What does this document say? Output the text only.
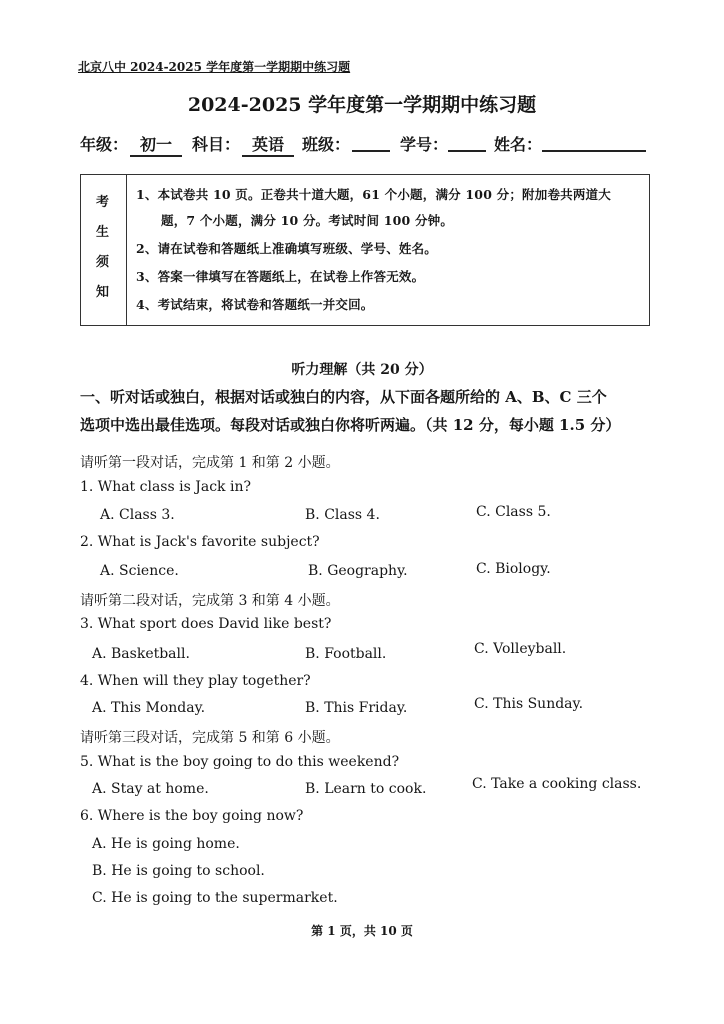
北京八中 2024-2025 学年度第一学期期中练习题
2024-2025 学年度第一学期期中练习题
年级： 初一	科目： 英语	班级：	学号：	姓名：
考
生
须
知
1、本试卷共 10 页。正卷共十道大题，61 个小题，满分 100 分；附加卷共两道大
题，7 个小题，满分 10 分。考试时间 100 分钟。
2、请在试卷和答题纸上准确填写班级、学号、姓名。
3、答案一律填写在答题纸上，在试卷上作答无效。
4、考试结束，将试卷和答题纸一并交回。
听力理解（共 20 分）
一、听对话或独白，根据对话或独白的内容，从下面各题所给的 A、B、C 三个
选项中选出最佳选项。每段对话或独白你将听两遍。（共 12 分，每小题 1.5 分）
请听第一段对话，完成第 1 和第 2 小题。
1. What class is Jack in?
A. Class 3.	B. Class 4.	C. Class 5.
2. What is Jack's favorite subject?
A. Science.	B. Geography.	C. Biology.
请听第二段对话，完成第 3 和第 4 小题。
3. What sport does David like best?
A. Basketball.	B. Football.	C. Volleyball.
4. When will they play together?
A. This Monday.	B. This Friday.	C. This Sunday.
请听第三段对话，完成第 5 和第 6 小题。
5. What is the boy going to do this weekend?
A. Stay at home.	B. Learn to cook.	C. Take a cooking class.
6. Where is the boy going now?
A. He is going home.
B. He is going to school.
C. He is going to the supermarket.
第 1 页，共 10 页
